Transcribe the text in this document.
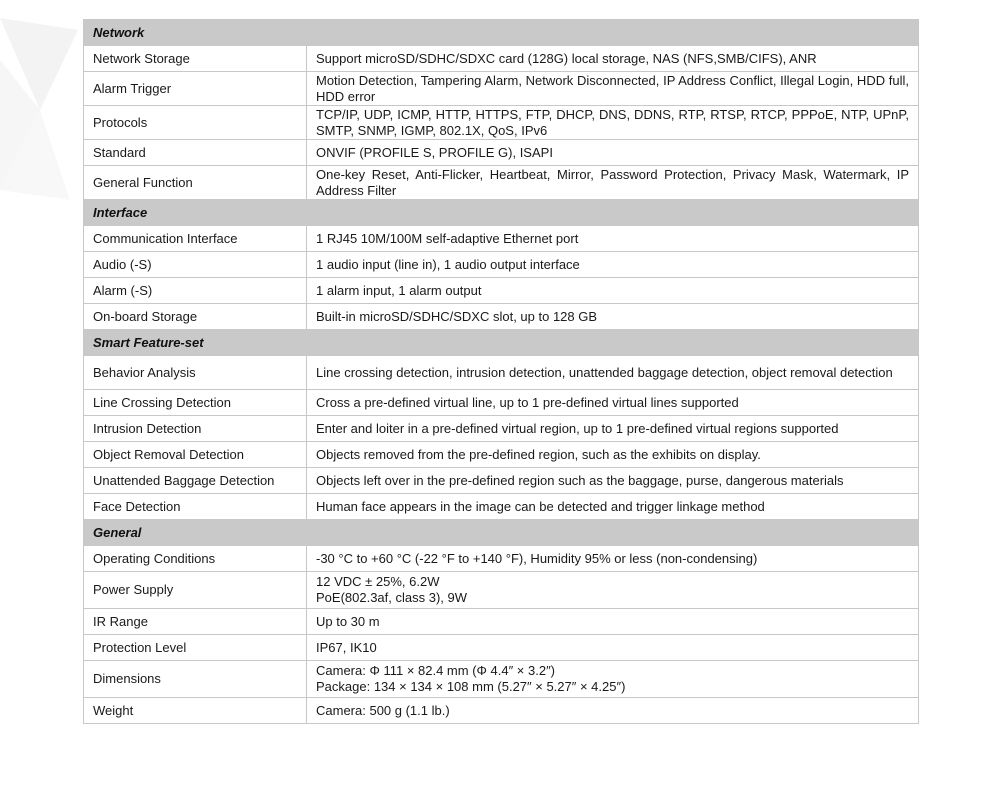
Network	
Network Storage	Support microSD/SDHC/SDXC card (128G) local storage, NAS (NFS,SMB/CIFS), ANR
Alarm Trigger	Motion Detection, Tampering Alarm, Network Disconnected, IP Address Conflict, Illegal Login, HDD full, HDD error
Protocols	TCP/IP, UDP, ICMP, HTTP, HTTPS, FTP, DHCP, DNS, DDNS, RTP, RTSP, RTCP, PPPoE, NTP, UPnP, SMTP, SNMP, IGMP, 802.1X, QoS, IPv6
Standard	ONVIF (PROFILE S, PROFILE G), ISAPI
General Function	One-key Reset, Anti-Flicker, Heartbeat, Mirror, Password Protection, Privacy Mask, Watermark, IP Address Filter
Interface	
Communication Interface	1 RJ45 10M/100M self-adaptive Ethernet port
Audio (-S)	1 audio input (line in), 1 audio output interface
Alarm (-S)	1 alarm input, 1 alarm output
On-board Storage	Built-in microSD/SDHC/SDXC slot, up to 128 GB
Smart Feature-set	
Behavior Analysis	Line crossing detection, intrusion detection, unattended baggage detection, object removal detection
Line Crossing Detection	Cross a pre-defined virtual line, up to 1 pre-defined virtual lines supported
Intrusion Detection	Enter and loiter in a pre-defined virtual region, up to 1 pre-defined virtual regions supported
Object Removal Detection	Objects removed from the pre-defined region, such as the exhibits on display.
Unattended Baggage Detection	Objects left over in the pre-defined region such as the baggage, purse, dangerous materials
Face Detection	Human face appears in the image can be detected and trigger linkage method
General	
Operating Conditions	-30 °C to +60 °C (-22 °F to +140 °F), Humidity 95% or less (non-condensing)
Power Supply	12 VDC ± 25%, 6.2W
PoE(802.3af, class 3), 9W

IR Range	Up to 30 m
Protection Level	IP67, IK10
Dimensions	Camera: Φ 111 × 82.4 mm (Φ 4.4″ × 3.2″)
Package: 134 × 134 × 108 mm (5.27″ × 5.27″ × 4.25″)

Weight	Camera: 500 g (1.1 lb.)
